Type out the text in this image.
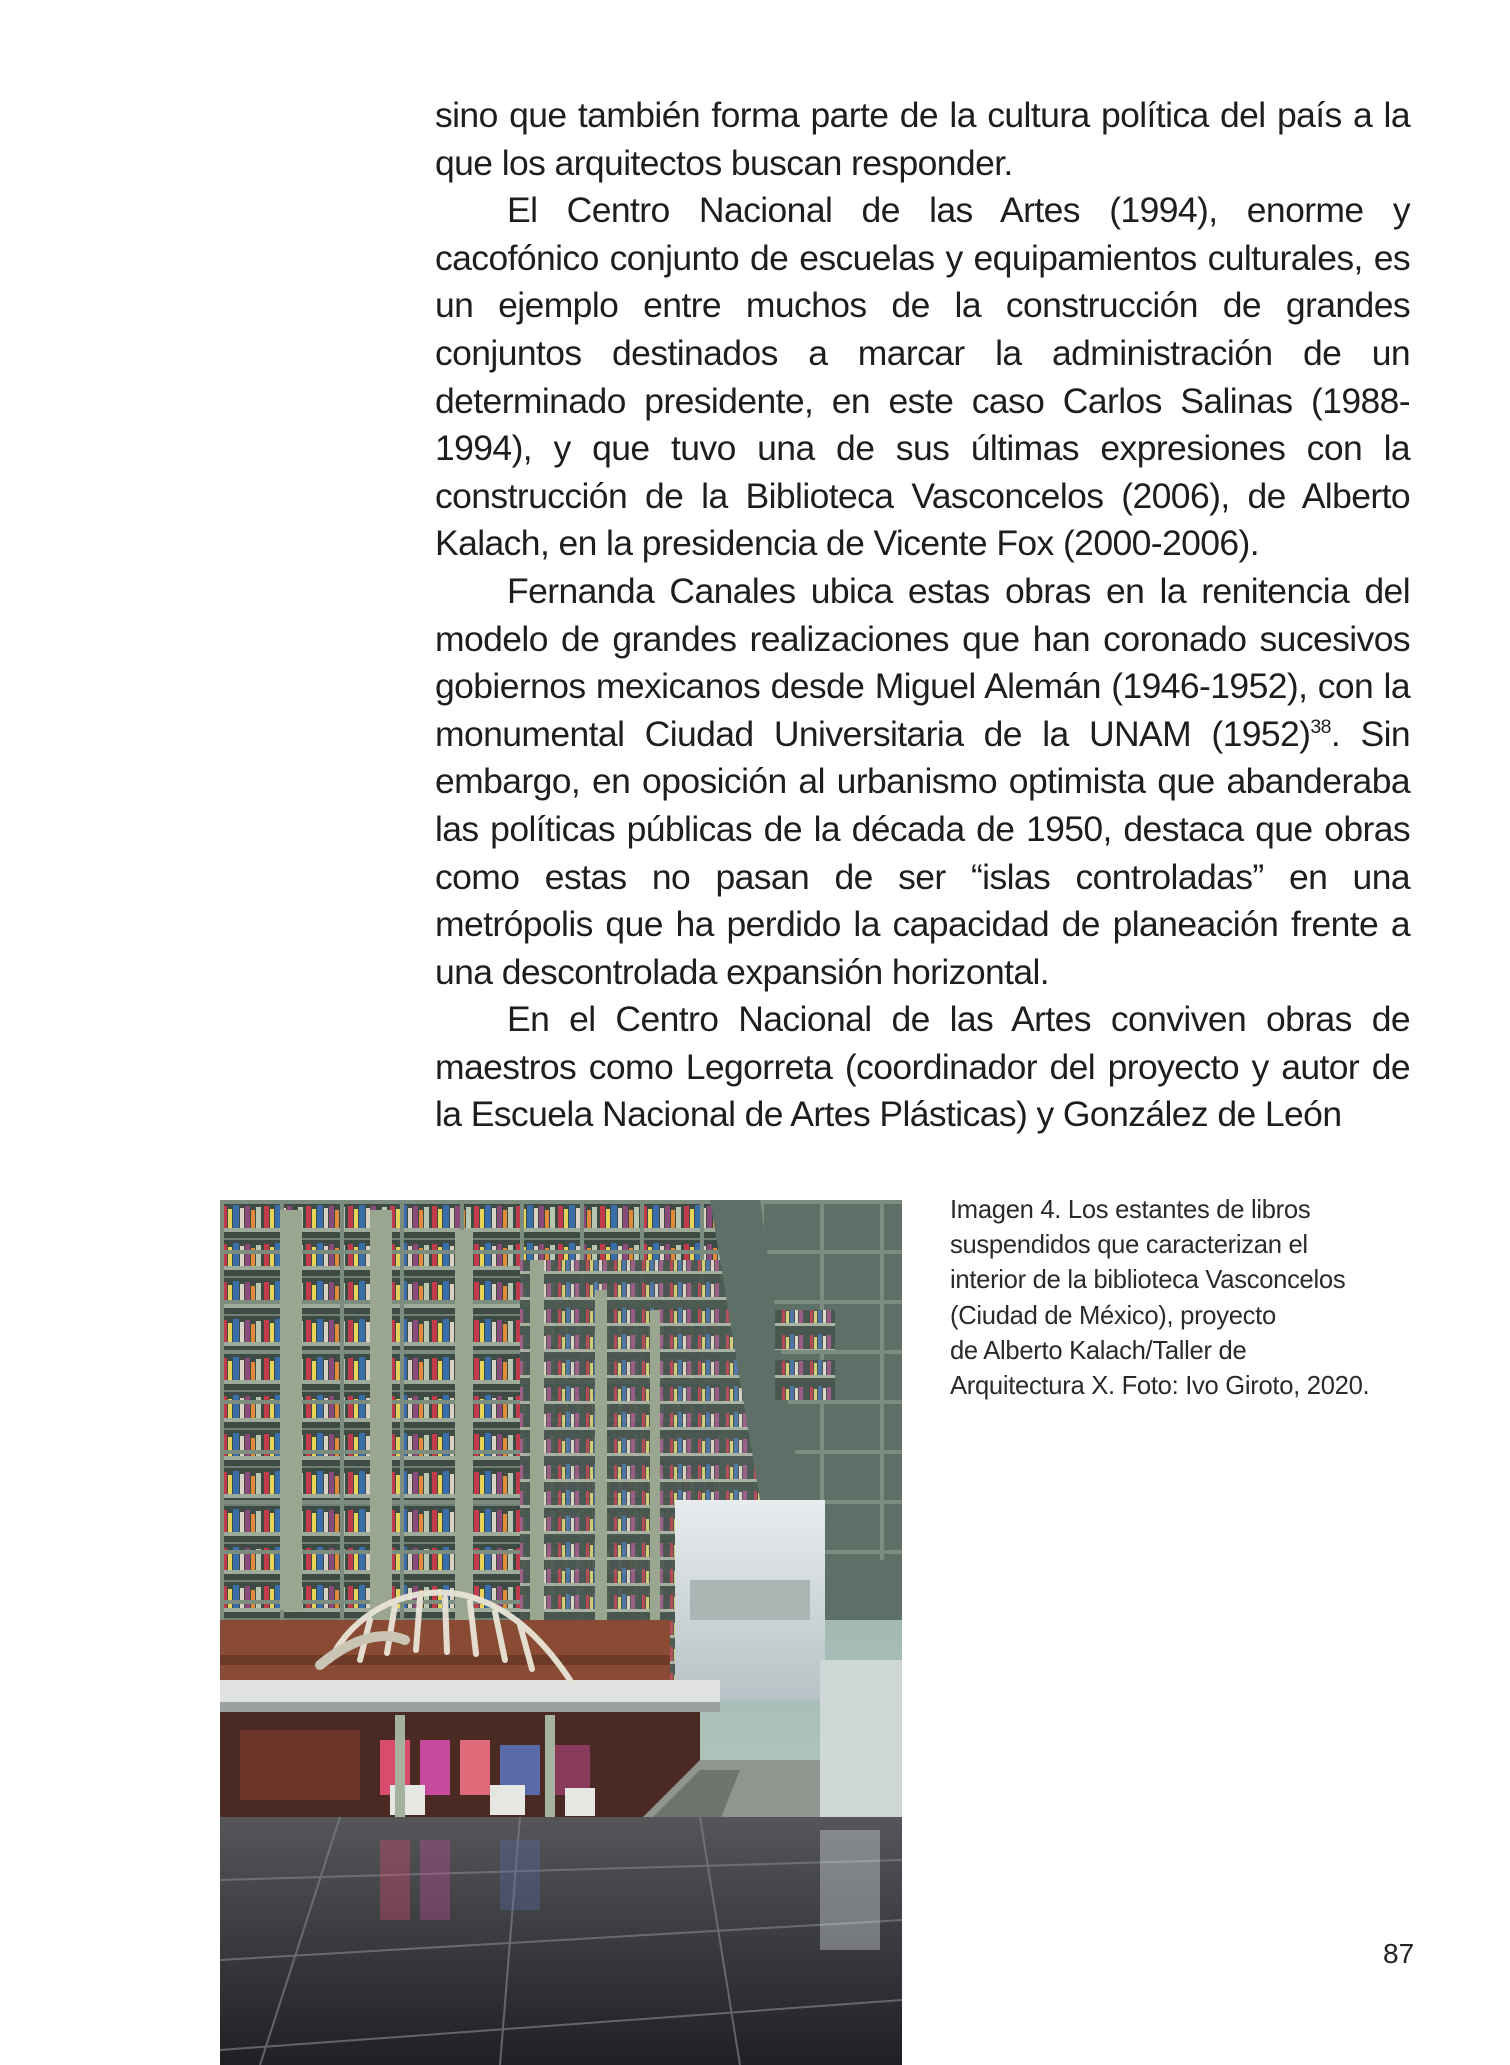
sino que también forma parte de la cultura política del país a la que los arquitectos buscan responder.

El Centro Nacional de las Artes (1994), enorme y cacofónico conjunto de escuelas y equipamientos culturales, es un ejemplo entre muchos de la construcción de grandes conjuntos destinados a marcar la administración de un determinado presidente, en este caso Carlos Salinas (1988-1994), y que tuvo una de sus últimas expresiones con la construcción de la Biblioteca Vasconcelos (2006), de Alberto Kalach, en la presidencia de Vicente Fox (2000-2006).

Fernanda Canales ubica estas obras en la renitencia del modelo de grandes realizaciones que han coronado sucesivos gobiernos mexicanos desde Miguel Alemán (1946-1952), con la monumental Ciudad Universitaria de la UNAM $(1952)^{38}$. Sin embargo, en oposición al urbanismo optimista que abanderaba las políticas públicas de la década de 1950, destaca que obras como estas no pasan de ser “islas controladas” en una metrópolis que ha perdido la capacidad de planeación frente a una descontrolada expansión horizontal.

En el Centro Nacional de las Artes conviven obras de maestros como Legorreta (coordinador del proyecto y autor de la Escuela Nacional de Artes Plásticas) y González de León

Imagen 4. Los estantes de libros
suspendidos que caracterizan el
interior de la biblioteca Vasconcelos
(Ciudad de México), proyecto
de Alberto Kalach/Taller de
Arquitectura X. Foto: Ivo Giroto, 2020.
87
